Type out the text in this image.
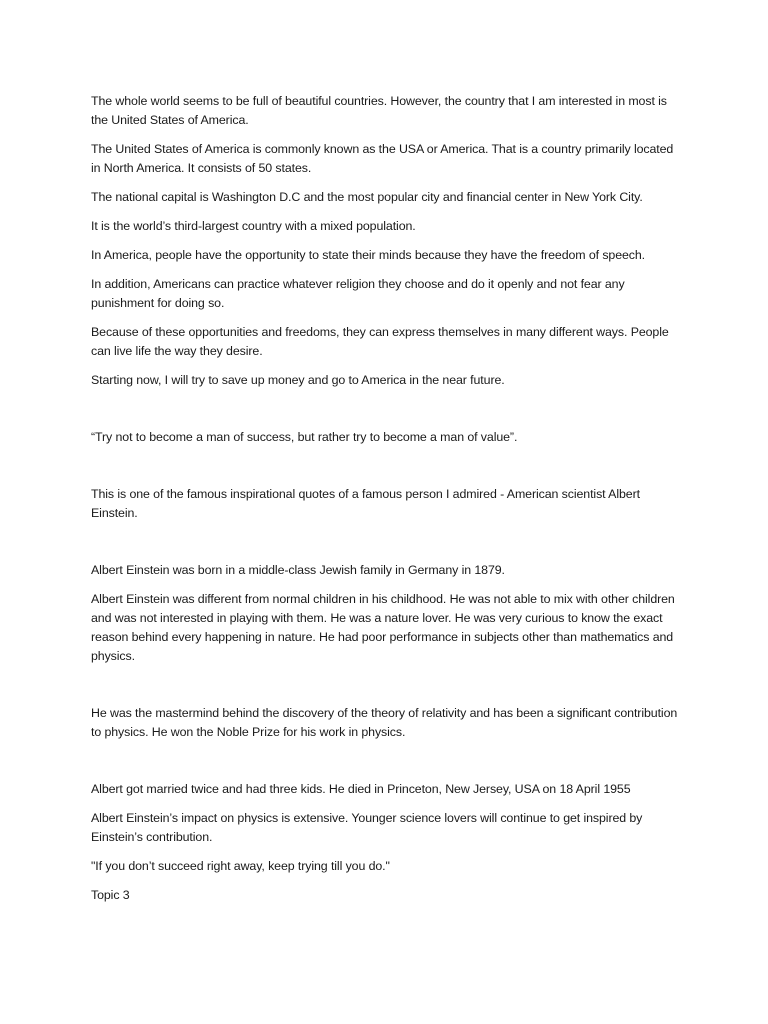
The whole world seems to be full of beautiful countries. However, the country that I am interested in most is the United States of America.

The United States of America is commonly known as the USA or America. That is a country primarily located in North America. It consists of 50 states.

The national capital is Washington D.C and the most popular city and financial center in New York City.

It is the world’s third-largest country with a mixed population.

In America, people have the opportunity to state their minds because they have the freedom of speech.

In addition, Americans can practice whatever religion they choose and do it openly and not fear any punishment for doing so.

Because of these opportunities and freedoms, they can express themselves in many different ways. People can live life the way they desire.

Starting now, I will try to save up money and go to America in the near future.

“Try not to become a man of success, but rather try to become a man of value”.

This is one of the famous inspirational quotes of a famous person I admired - American scientist Albert Einstein.

Albert Einstein was born in a middle-class Jewish family in Germany in 1879.

Albert Einstein was different from normal children in his childhood. He was not able to mix with other children and was not interested in playing with them. He was a nature lover. He was very curious to know the exact reason behind every happening in nature. He had poor performance in subjects other than mathematics and physics.

He was the mastermind behind the discovery of the theory of relativity and has been a significant contribution to physics. He won the Noble Prize for his work in physics.

Albert got married twice and had three kids. He died in Princeton, New Jersey, USA on 18 April 1955

Albert Einstein’s impact on physics is extensive. Younger science lovers will continue to get inspired by Einstein’s contribution.

"If you don’t succeed right away, keep trying till you do."

Topic 3
